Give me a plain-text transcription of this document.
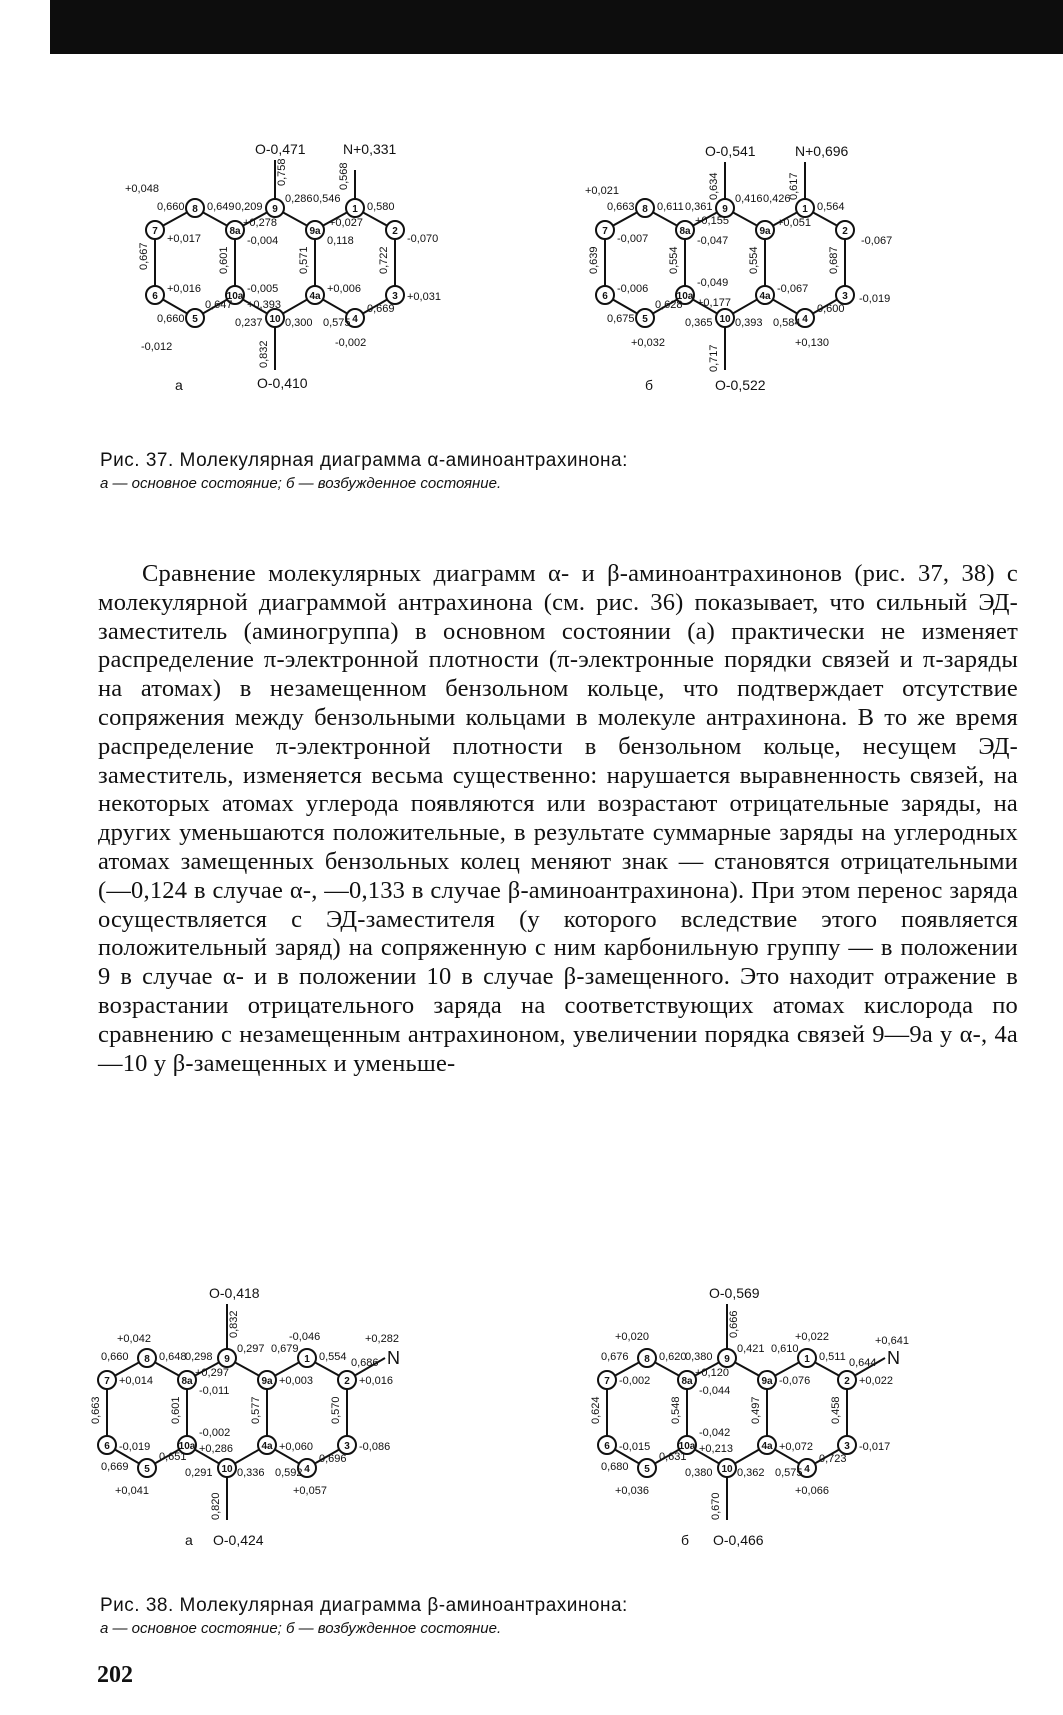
8	9	1
7	8a	9a	2
6	10a	4a	3
5	10	4
O-0,471	N+0,331
O-0,410
+0,048
0,758	0,568
0,832
0,660 0,649 0,209
0,286 0,546
0,580
+0,278	+0,027
0,118
+0,017	-0,004	-0,070
0,667	0,601	0,571	0,722
+0,016	-0,005
+0,393
+0,006
+0,031
0,660
0,647
0,237 0,300 0,575
0,669
-0,012	-0,002
а
8	9	1
7	8a	9a	2
6	10a	4a	3
5	10	4
O-0,541	N+0,696
O-0,522
+0,021	0,634	0,617
0,717
0,663 0,611 0,361
0,416 0,426
0,564
+0,155	+0,051
-0,007	-0,047	-0,067
0,639	0,554	0,554	0,687
-0,006	-0,049
+0,177
-0,067
-0,019
0,675
0,628
0,365 0,393 0,584
0,600
+0,032	+0,130
б
Рис. 37. Молекулярная диаграмма α-аминоантрахинона:
а — основное состояние; б — возбужденное состояние.

Сравнение молекулярных диаграмм α- и β-аминоантрахинонов (рис. 37, 38) с молекулярной диаграммой антрахинона (см. рис. 36) показывает, что сильный ЭД-заместитель (аминогруппа) в основном состоянии (а) практически не изменяет распределение π-электронной плотности (π-электронные порядки связей и π-заряды на атомах) в незамещенном бензольном кольце, что подтверждает отсутствие сопряжения между бензольными кольцами в молекуле антрахинона. В то же время распределение π-электронной плотности в бензольном кольце, несущем ЭД-заместитель, изменяется весьма существенно: нарушается выравненность связей, на некоторых атомах углерода появляются или возрастают отрицательные заряды, на других уменьшаются положительные, в результате суммарные заряды на углеродных атомах замещенных бензольных колец меняют знак — становятся отрицательными (—0,124 в случае α-, —0,133 в случае β-аминоантрахинона). При этом перенос заряда осуществляется с ЭД-заместителя (у которого вследствие этого появляется положительный заряд) на сопряженную с ним карбонильную группу — в положении 9 в случае α- и в положении 10 в случае β-замещенного. Это находит отражение в возрастании отрицательного заряда на соответствующих атомах кислорода по сравнению с незамещенным антрахиноном, увеличении порядка связей 9—9а у α-, 4а—10 у β-замещенных и уменьше-

8	9	1
7	8a	9a	2
6	10a	4a	3
5	10	4
O-0,418
N
O-0,424
а
+0,042	-0,046	+0,282
0,686
0,832
0,820
0,660	0,648
0,298
0,297 0,679
0,554
+0,297
+0,014
-0,011
+0,003	+0,016
0,663	0,601	0,577	0,570
-0,019
-0,002
+0,286	+0,060	-0,086
0,669
0,651
0,291 0,336 0,592
0,696
+0,041	+0,057
8	9	1
7	8a	9a	2
6	10a	4a	3
5	10	4
O-0,569
N
O-0,466
б
+0,020	+0,022	+0,641
0,644
0,666
0,670
0,676	0,620
0,380
0,421 0,610
0,511
+0,120
-0,002
-0,044
-0,076	+0,022
0,624	0,548	0,497	0,458
-0,015
-0,042
+0,213	+0,072	-0,017
0,680
0,631
0,380 0,362 0,575
0,723
+0,036	+0,066
Рис. 38. Молекулярная диаграмма β-аминоантрахинона:
а — основное состояние; б — возбужденное состояние.
202
